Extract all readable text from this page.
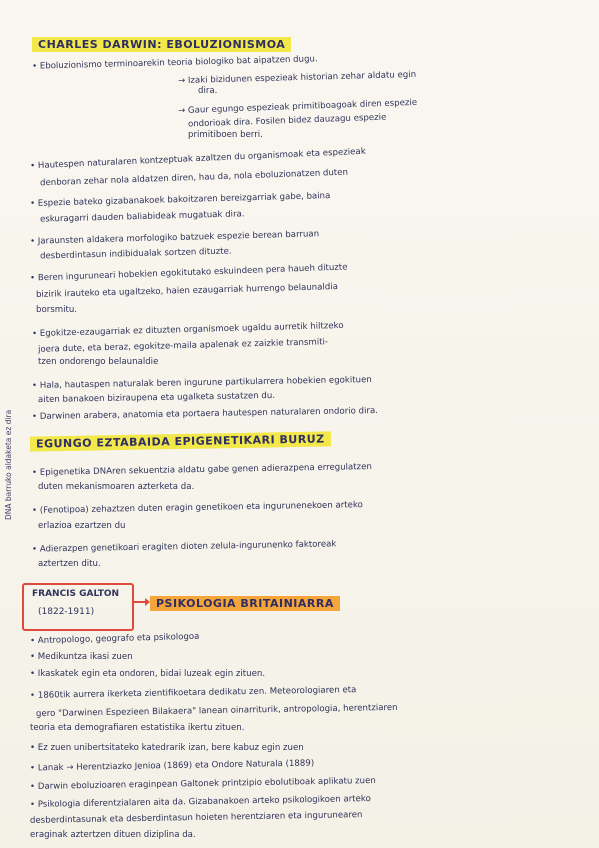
CHARLES DARWIN: EBOLUZIONISMOA
• Eboluzionismo terminoarekin teoria biologiko bat aipatzen dugu.
→ Izaki bizidunen espezieak historian zehar aldatu egin
dira.
→ Gaur egungo espezieak primitiboagoak diren espezie
ondorioak dira. Fosilen bidez dauzagu espezie
primitiboen berri.
• Hautespen naturalaren kontzeptuak azaltzen du organismoak eta espezieak
denboran zehar nola aldatzen diren, hau da, nola eboluzionatzen duten
• Espezie bateko gizabanakoek bakoitzaren bereizgarriak gabe, baina
eskuragarri dauden baliabideak mugatuak dira.
• Jaraunsten aldakera morfologiko batzuek espezie berean barruan
desberdintasun indibidualak sortzen dituzte.
• Beren inguruneari hobekien egokitutako eskuindeen pera haueh dituzte
bizirik irauteko eta ugaltzeko, haien ezaugarriak hurrengo belaunaldia
borsmitu.
• Egokitze-ezaugarriak ez dituzten organismoek ugaldu aurretik hiltzeko
joera dute, eta beraz, egokitze-maila apalenak ez zaizkie transmiti-
tzen ondorengo belaunaldie
• Hala, hautaspen naturalak beren ingurune partikularrera hobekien egokituen
aiten banakoen biziraupena eta ugalketa sustatzen du.
• Darwinen arabera, anatomia eta portaera hautespen naturalaren ondorio dira.
EGUNGO EZTABAIDA EPIGENETIKARI BURUZ
• Epigenetika DNAren sekuentzia aldatu gabe genen adierazpena erregulatzen
duten mekanismoaren azterketa da.
• (Fenotipoa) zehaztzen duten eragin genetikoen eta ingurunenekoen arteko
erlazioa ezartzen du
• Adierazpen genetikoari eragiten dioten zelula-ingurunenko faktoreak
aztertzen ditu.
DNA barruko aldaketa ez dira
FRANCIS GALTON
(1822-1911)
PSIKOLOGIA BRITAINIARRA
• Antropologo, geografo eta psikologoa
• Medikuntza ikasi zuen
• Ikaskatek egin eta ondoren, bidai luzeak egin zituen.
• 1860tik aurrera ikerketa zientifikoetara dedikatu zen. Meteorologiaren eta
gero "Darwinen Espezieen Bilakaera" lanean oinarriturik, antropologia, herentziaren
teoria eta demografiaren estatistika ikertu zituen.
• Ez zuen unibertsitateko katedrarik izan, bere kabuz egin zuen
• Lanak → Herentziazko Jenioa (1869) eta Ondore Naturala (1889)
• Darwin eboluzioaren eraginpean Galtonek printzipio ebolutiboak aplikatu zuen
• Psikologia diferentzialaren aita da. Gizabanakoen arteko psikologikoen arteko
desberdintasunak eta desberdintasun hoieten herentziaren eta ingurunearen
eraginak aztertzen dituen diziplina da.
